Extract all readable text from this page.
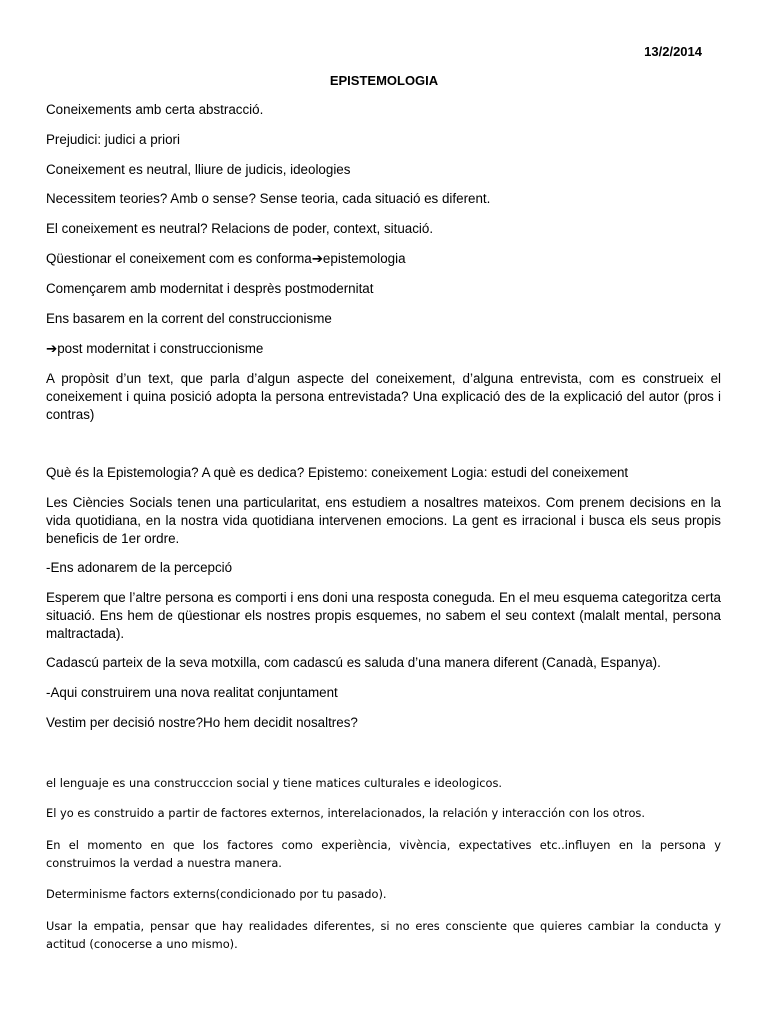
13/2/2014
EPISTEMOLOGIA

Coneixements amb certa abstracció.

Prejudici: judici a priori

Coneixement es neutral, lliure de judicis, ideologies

Necessitem teories? Amb o sense? Sense teoria, cada situació es diferent.

El coneixement es neutral? Relacions de poder, context, situació.

Qüestionar el coneixement com es conforma➔epistemologia

Començarem amb modernitat i desprès postmodernitat

Ens basarem en la corrent del construccionisme

➔post modernitat i construccionisme

A propòsit d’un text, que parla d’algun aspecte del coneixement, d’alguna entrevista, com es construeix el coneixement i quina posició adopta la persona entrevistada? Una explicació des de la explicació del autor (pros i contras)

Què és la Epistemologia? A què es dedica? Epistemo: coneixement Logia: estudi del coneixement

Les Ciències Socials tenen una particularitat, ens estudiem a nosaltres mateixos. Com prenem decisions en la vida quotidiana, en la nostra vida quotidiana intervenen emocions. La gent es irracional i busca els seus propis beneficis de 1er ordre.

-Ens adonarem de la percepció

Esperem que l’altre persona es comporti i ens doni una resposta coneguda. En el meu esquema categoritza certa situació. Ens hem de qüestionar els nostres propis esquemes, no sabem el seu context (malalt mental, persona maltractada).

Cadascú parteix de la seva motxilla, com cadascú es saluda d’una manera diferent (Canadà, Espanya).

-Aqui construirem una nova realitat conjuntament

Vestim per decisió nostre?Ho hem decidit nosaltres?

el lenguaje es una construcccion social y tiene matices culturales e ideologicos.

El yo es construido a partir de factores externos, interelacionados, la relación y interacción con los otros.

En el momento en que los factores como experiència, vivència, expectatives etc..influyen en la persona y construimos la verdad a nuestra manera.

Determinisme factors externs(condicionado por tu pasado).

Usar la empatia, pensar que hay realidades diferentes, si no eres consciente que quieres cambiar la conducta y actitud (conocerse a uno mismo).
